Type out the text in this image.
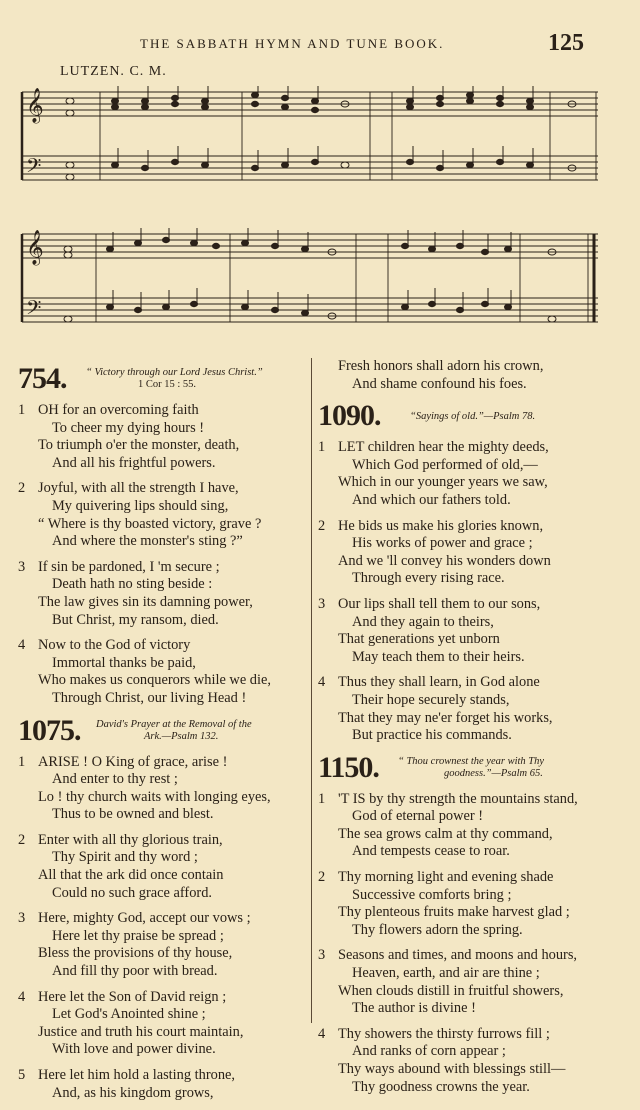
THE SABBATH HYMN AND TUNE BOOK.	125
LUTZEN. C. M.
𝄞
𝄢
𝄞
𝄢
754. “ Victory through our Lord Jesus Christ.”
1 Cor 15 : 55.
1 OH for an overcoming faith
To cheer my dying hours !
To triumph o'er the monster, death,
And all his frightful powers.
2 Joyful, with all the strength I have,
My quivering lips should sing,
“ Where is thy boasted victory, grave ?
And where the monster's sting ?”
3 If sin be pardoned, I 'm secure ;
Death hath no sting beside :
The law gives sin its damning power,
But Christ, my ransom, died.
4 Now to the God of victory
Immortal thanks be paid,
Who makes us conquerors while we die,
Through Christ, our living Head !
1075. David's Prayer at the Removal of the
Ark.—Psalm 132.
1 ARISE ! O King of grace, arise !
And enter to thy rest ;
Lo ! thy church waits with longing eyes,
Thus to be owned and blest.
2 Enter with all thy glorious train,
Thy Spirit and thy word ;
All that the ark did once contain
Could no such grace afford.
3 Here, mighty God, accept our vows ;
Here let thy praise be spread ;
Bless the provisions of thy house,
And fill thy poor with bread.
4 Here let the Son of David reign ;
Let God's Anointed shine ;
Justice and truth his court maintain,
With love and power divine.
5 Here let him hold a lasting throne,
And, as his kingdom grows,
Fresh honors shall adorn his crown,
And shame confound his foes.
1090.	“Sayings of old.”—Psalm 78.
1 LET children hear the mighty deeds,
Which God performed of old,—
Which in our younger years we saw,
And which our fathers told.
2 He bids us make his glories known,
His works of power and grace ;
And we 'll convey his wonders down
Through every rising race.
3 Our lips shall tell them to our sons,
And they again to theirs,
That generations yet unborn
May teach them to their heirs.
4 Thus they shall learn, in God alone
Their hope securely stands,
That they may ne'er forget his works,
But practice his commands.
1150. “ Thou crownest the year with Thy
goodness.”—Psalm 65.
1 'T IS by thy strength the mountains stand,
God of eternal power !
The sea grows calm at thy command,
And tempests cease to roar.
2 Thy morning light and evening shade
Successive comforts bring ;
Thy plenteous fruits make harvest glad ;
Thy flowers adorn the spring.
3 Seasons and times, and moons and hours,
Heaven, earth, and air are thine ;
When clouds distill in fruitful showers,
The author is divine !
4 Thy showers the thirsty furrows fill ;
And ranks of corn appear ;
Thy ways abound with blessings still—
Thy goodness crowns the year.
